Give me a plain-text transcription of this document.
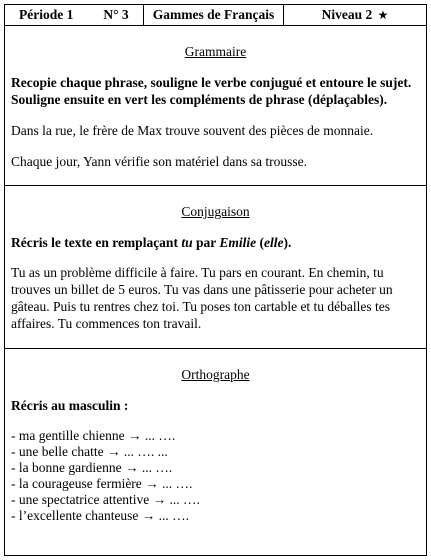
Période 1 N° 3	Gammes de Français	Niveau 2 ★

Grammaire

Recopie chaque phrase, souligne le verbe conjugué et entoure le sujet. Souligne ensuite en vert les compléments de phrase (déplaçables).

Dans la rue, le frère de Max trouve souvent des pièces de monnaie.

Chaque jour, Yann vérifie son matériel dans sa trousse.

Conjugaison

Récris le texte en remplaçant tu par Emilie (elle).

Tu as un problème difficile à faire. Tu pars en courant. En chemin, tu trouves un billet de 5 euros. Tu vas dans une pâtisserie pour acheter un gâteau. Puis tu rentres chez toi. Tu poses ton cartable et tu déballes tes affaires. Tu commences ton travail.

Orthographe

Récris au masculin :

- ma gentille chienne → ... ….
- une belle chatte → ... …. ...
- la bonne gardienne → ... ….
- la courageuse fermière → ... ….
- une spectatrice attentive → ... ….
- l’excellente chanteuse → ... ….
